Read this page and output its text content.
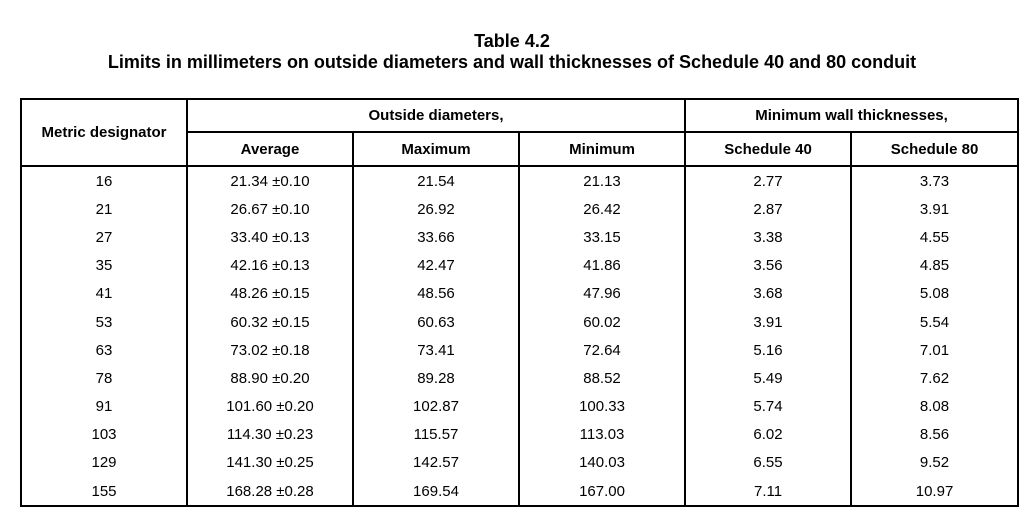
Table 4.2
Limits in millimeters on outside diameters and wall thicknesses of Schedule 40 and 80 conduit
Metric designator	Outside diameters,			Minimum wall thicknesses,	
	Average	Maximum	Minimum	Schedule 40	Schedule 80
16	21.34 ±0.10	21.54	21.13	2.77	3.73
21	26.67 ±0.10	26.92	26.42	2.87	3.91
27	33.40 ±0.13	33.66	33.15	3.38	4.55
35	42.16 ±0.13	42.47	41.86	3.56	4.85
41	48.26 ±0.15	48.56	47.96	3.68	5.08
53	60.32 ±0.15	60.63	60.02	3.91	5.54
63	73.02 ±0.18	73.41	72.64	5.16	7.01
78	88.90 ±0.20	89.28	88.52	5.49	7.62
91	101.60 ±0.20	102.87	100.33	5.74	8.08
103	114.30 ±0.23	115.57	113.03	6.02	8.56
129	141.30 ±0.25	142.57	140.03	6.55	9.52
155	168.28 ±0.28	169.54	167.00	7.11	10.97
